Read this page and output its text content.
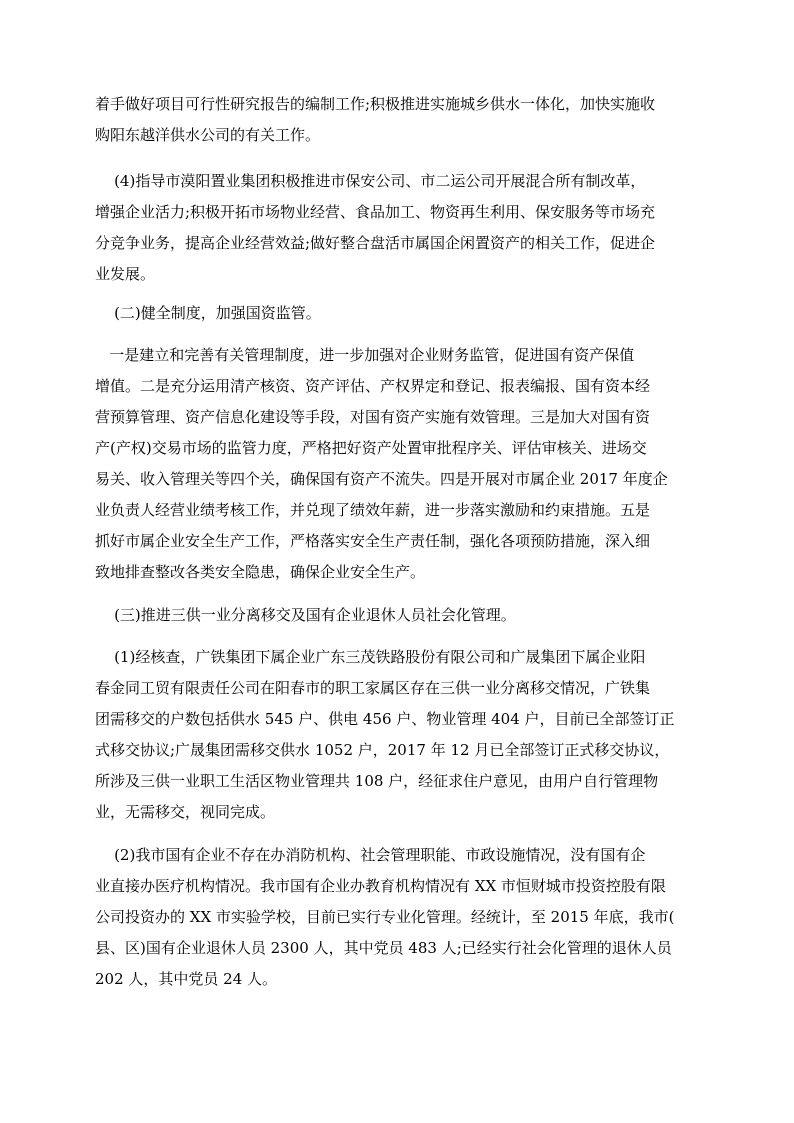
着手做好项目可行性研究报告的编制工作;积极推进实施城乡供水一体化，加快实施收
购阳东越洋供水公司的有关工作。
(4)指导市漠阳置业集团积极推进市保安公司、市二运公司开展混合所有制改革，
增强企业活力;积极开拓市场物业经营、食品加工、物资再生利用、保安服务等市场充
分竞争业务，提高企业经营效益;做好整合盘活市属国企闲置资产的相关工作，促进企
业发展。
(二)健全制度，加强国资监管。
一是建立和完善有关管理制度，进一步加强对企业财务监管，促进国有资产保值
增值。二是充分运用清产核资、资产评估、产权界定和登记、报表编报、国有资本经
营预算管理、资产信息化建设等手段，对国有资产实施有效管理。三是加大对国有资
产(产权)交易市场的监管力度，严格把好资产处置审批程序关、评估审核关、进场交
易关、收入管理关等四个关，确保国有资产不流失。四是开展对市属企业 2017 年度企
业负责人经营业绩考核工作，并兑现了绩效年薪，进一步落实激励和约束措施。五是
抓好市属企业安全生产工作，严格落实安全生产责任制，强化各项预防措施，深入细
致地排查整改各类安全隐患，确保企业安全生产。
(三)推进三供一业分离移交及国有企业退休人员社会化管理。
(1)经核查，广铁集团下属企业广东三茂铁路股份有限公司和广晟集团下属企业阳
春金同工贸有限责任公司在阳春市的职工家属区存在三供一业分离移交情况，广铁集
团需移交的户数包括供水 545 户、供电 456 户、物业管理 404 户，目前已全部签订正
式移交协议;广晟集团需移交供水 1052 户，2017 年 12 月已全部签订正式移交协议，
所涉及三供一业职工生活区物业管理共 108 户，经征求住户意见，由用户自行管理物
业，无需移交，视同完成。
(2)我市国有企业不存在办消防机构、社会管理职能、市政设施情况，没有国有企
业直接办医疗机构情况。我市国有企业办教育机构情况有 XX 市恒财城市投资控股有限
公司投资办的 XX 市实验学校，目前已实行专业化管理。经统计，至 2015 年底，我市(
县、区)国有企业退休人员 2300 人，其中党员 483 人;已经实行社会化管理的退休人员
202 人，其中党员 24 人。
